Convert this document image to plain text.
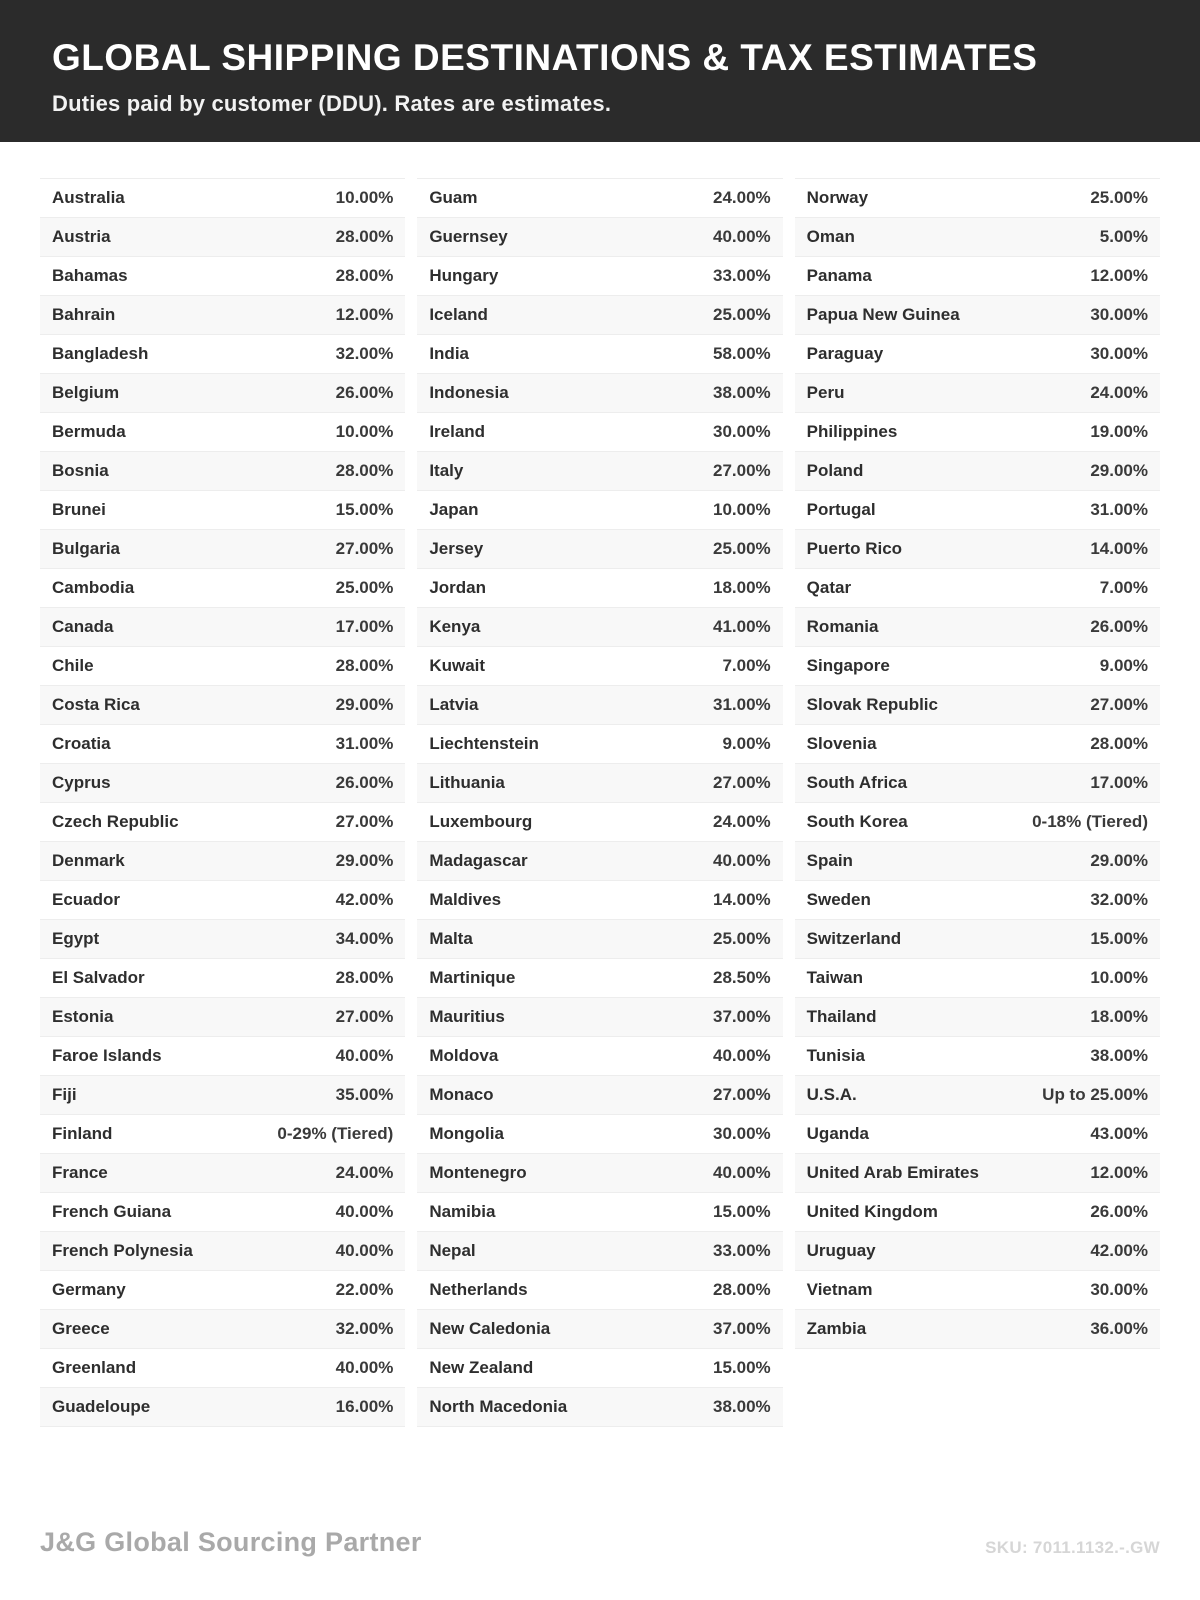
GLOBAL SHIPPING DESTINATIONS & TAX ESTIMATES
Duties paid by customer (DDU). Rates are estimates.
Australia	10.00%
Austria	28.00%
Bahamas	28.00%
Bahrain	12.00%
Bangladesh	32.00%
Belgium	26.00%
Bermuda	10.00%
Bosnia	28.00%
Brunei	15.00%
Bulgaria	27.00%
Cambodia	25.00%
Canada	17.00%
Chile	28.00%
Costa Rica	29.00%
Croatia	31.00%
Cyprus	26.00%
Czech Republic	27.00%
Denmark	29.00%
Ecuador	42.00%
Egypt	34.00%
El Salvador	28.00%
Estonia	27.00%
Faroe Islands	40.00%
Fiji	35.00%
Finland	0-29% (Tiered)
France	24.00%
French Guiana	40.00%
French Polynesia	40.00%
Germany	22.00%
Greece	32.00%
Greenland	40.00%
Guadeloupe	16.00%
Guam	24.00%
Guernsey	40.00%
Hungary	33.00%
Iceland	25.00%
India	58.00%
Indonesia	38.00%
Ireland	30.00%
Italy	27.00%
Japan	10.00%
Jersey	25.00%
Jordan	18.00%
Kenya	41.00%
Kuwait	7.00%
Latvia	31.00%
Liechtenstein	9.00%
Lithuania	27.00%
Luxembourg	24.00%
Madagascar	40.00%
Maldives	14.00%
Malta	25.00%
Martinique	28.50%
Mauritius	37.00%
Moldova	40.00%
Monaco	27.00%
Mongolia	30.00%
Montenegro	40.00%
Namibia	15.00%
Nepal	33.00%
Netherlands	28.00%
New Caledonia	37.00%
New Zealand	15.00%
North Macedonia	38.00%
Norway	25.00%
Oman	5.00%
Panama	12.00%
Papua New Guinea	30.00%
Paraguay	30.00%
Peru	24.00%
Philippines	19.00%
Poland	29.00%
Portugal	31.00%
Puerto Rico	14.00%
Qatar	7.00%
Romania	26.00%
Singapore	9.00%
Slovak Republic	27.00%
Slovenia	28.00%
South Africa	17.00%
South Korea	0-18% (Tiered)
Spain	29.00%
Sweden	32.00%
Switzerland	15.00%
Taiwan	10.00%
Thailand	18.00%
Tunisia	38.00%
U.S.A.	Up to 25.00%
Uganda	43.00%
United Arab Emirates	12.00%
United Kingdom	26.00%
Uruguay	42.00%
Vietnam	30.00%
Zambia	36.00%
J&G Global Sourcing Partner	SKU: 7011.1132.-.GW
